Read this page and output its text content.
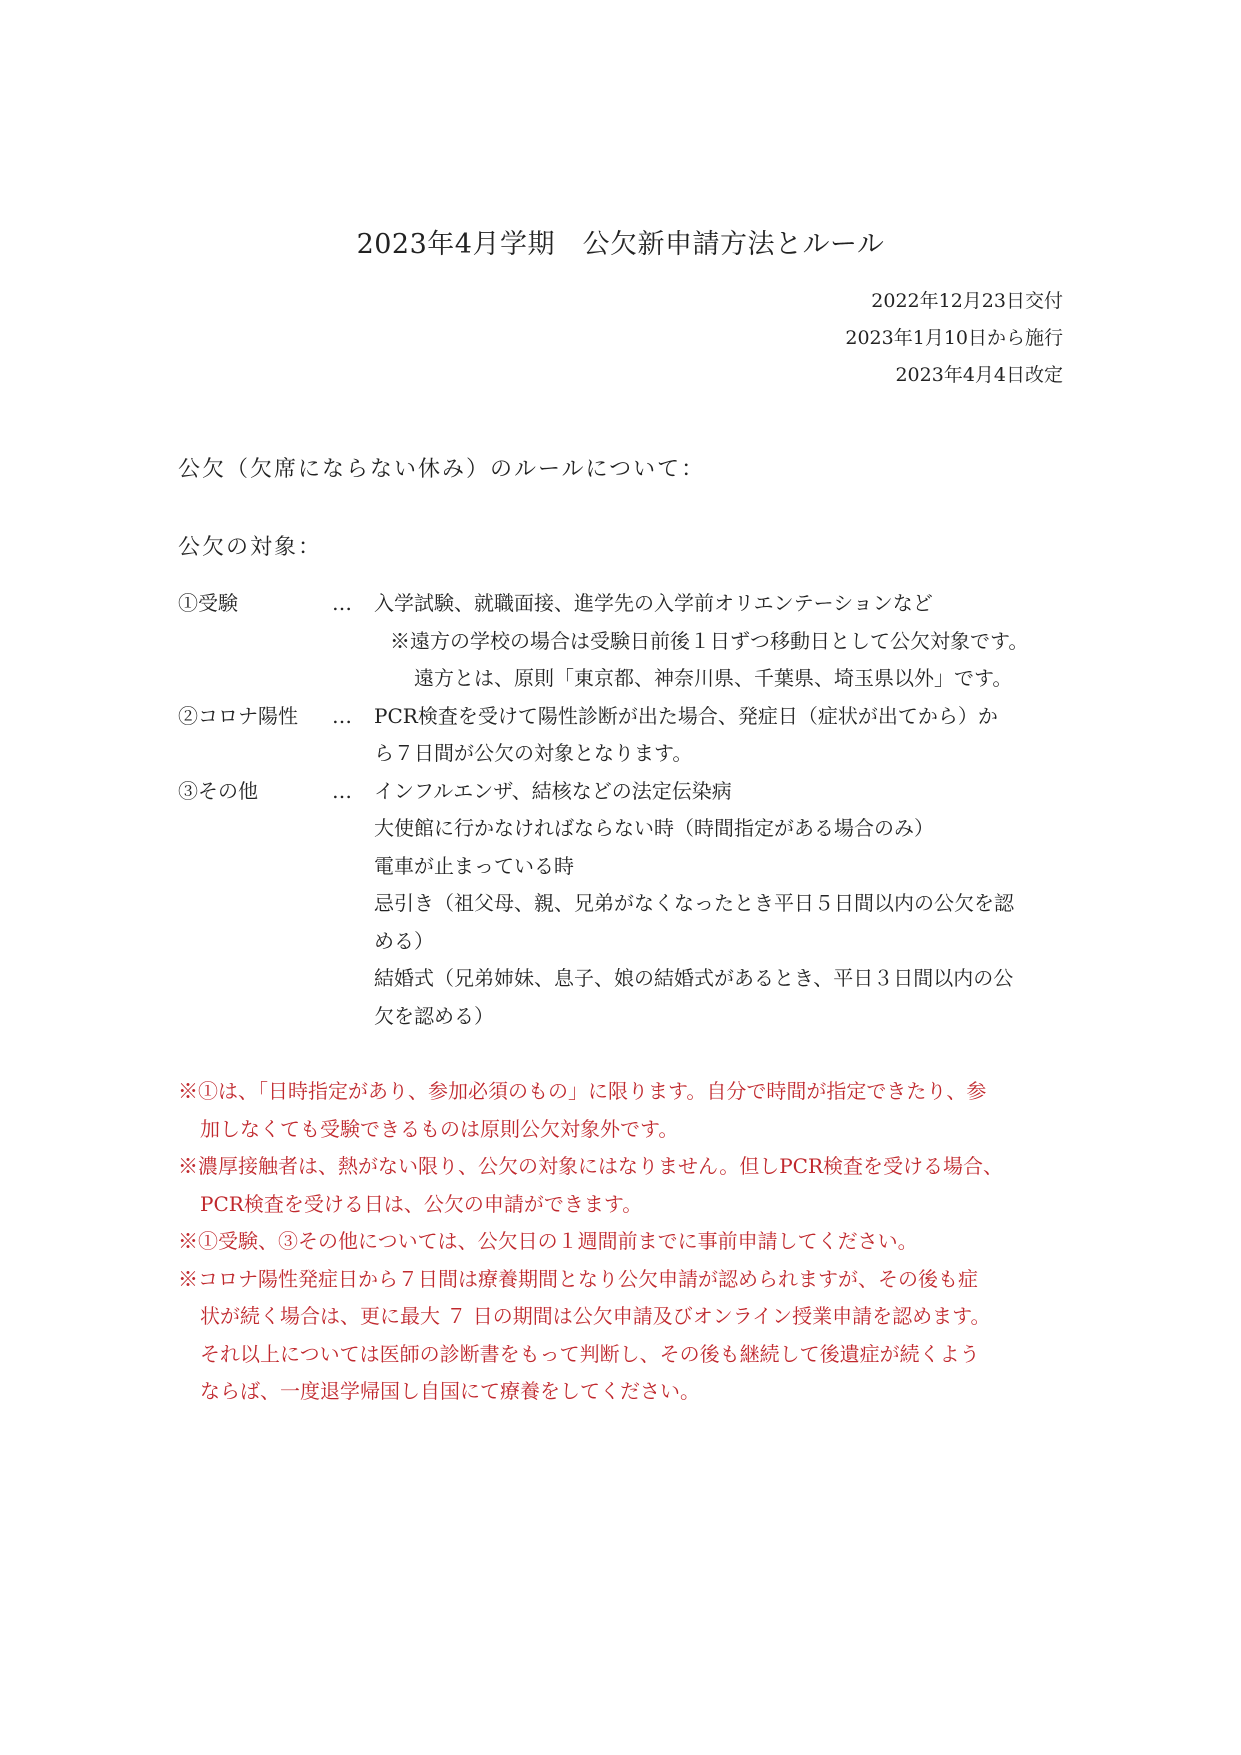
2023年4月学期　公欠新申請方法とルール
2022年12月23日交付
2023年1月10日から施行
2023年4月4日改定
公欠（欠席にならない休み）のルールについて：
公欠の対象：
①受験	… 入学試験、就職面接、進学先の入学前オリエンテーションなど
※遠方の学校の場合は受験日前後１日ずつ移動日として公欠対象です。
遠方とは、原則「東京都、神奈川県、千葉県、埼玉県以外」です。
②コロナ陽性 … PCR検査を受けて陽性診断が出た場合、発症日（症状が出てから）か
ら７日間が公欠の対象となります。
③その他	… インフルエンザ、結核などの法定伝染病
大使館に行かなければならない時（時間指定がある場合のみ）
電車が止まっている時
忌引き（祖父母、親、兄弟がなくなったとき平日５日間以内の公欠を認
める）
結婚式（兄弟姉妹、息子、娘の結婚式があるとき、平日３日間以内の公
欠を認める）
※①は、「日時指定があり、参加必須のもの」に限ります。自分で時間が指定できたり、参
加しなくても受験できるものは原則公欠対象外です。
※濃厚接触者は、熱がない限り、公欠の対象にはなりません。但しPCR検査を受ける場合、
PCR検査を受ける日は、公欠の申請ができます。
※①受験、③その他については、公欠日の１週間前までに事前申請してください。
※コロナ陽性発症日から７日間は療養期間となり公欠申請が認められますが、その後も症
状が続く場合は、更に最大 ７ 日の期間は公欠申請及びオンライン授業申請を認めます。
それ以上については医師の診断書をもって判断し、その後も継続して後遺症が続くよう
ならば、一度退学帰国し自国にて療養をしてください。
